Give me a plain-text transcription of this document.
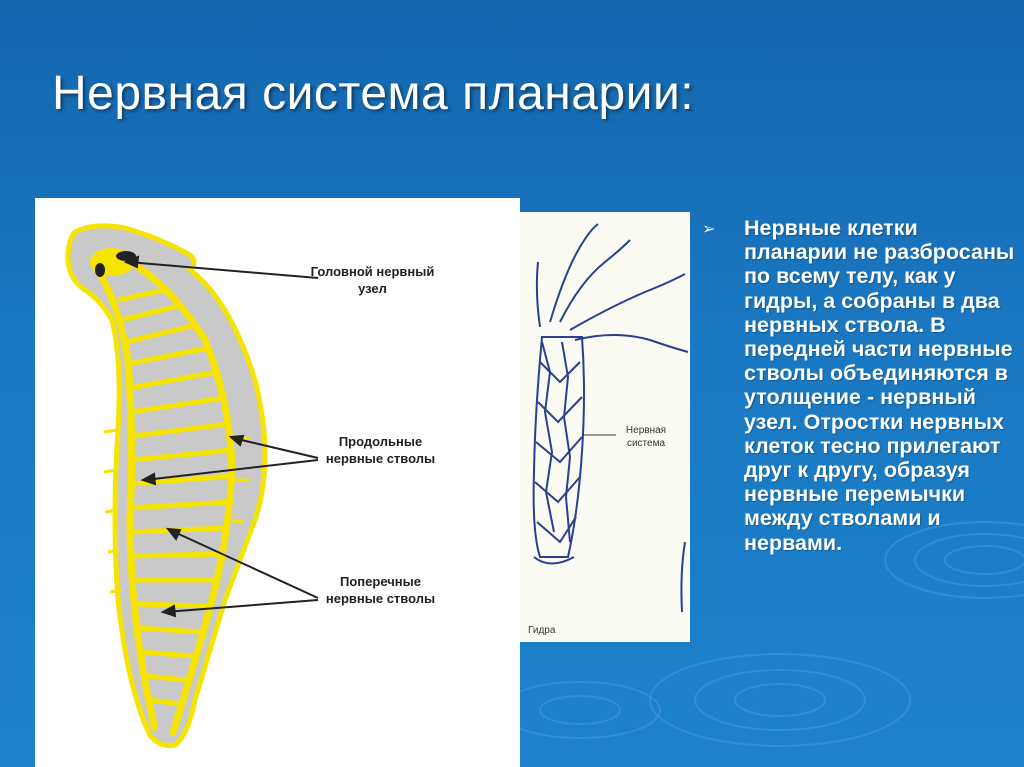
Нервная система планарии:
Головной нервный узел
Продольные нервные стволы
Поперечные нервные стволы
Нервная система
Гидра
➢ Нервные клетки планарии не разбросаны по всему телу, как у гидры, а собраны в два нервных ствола. В передней части нервные стволы объединяются в утолщение - нервный узел. Отростки нервных клеток тесно прилегают друг к другу, образуя нервные перемычки между стволами и нервами.
